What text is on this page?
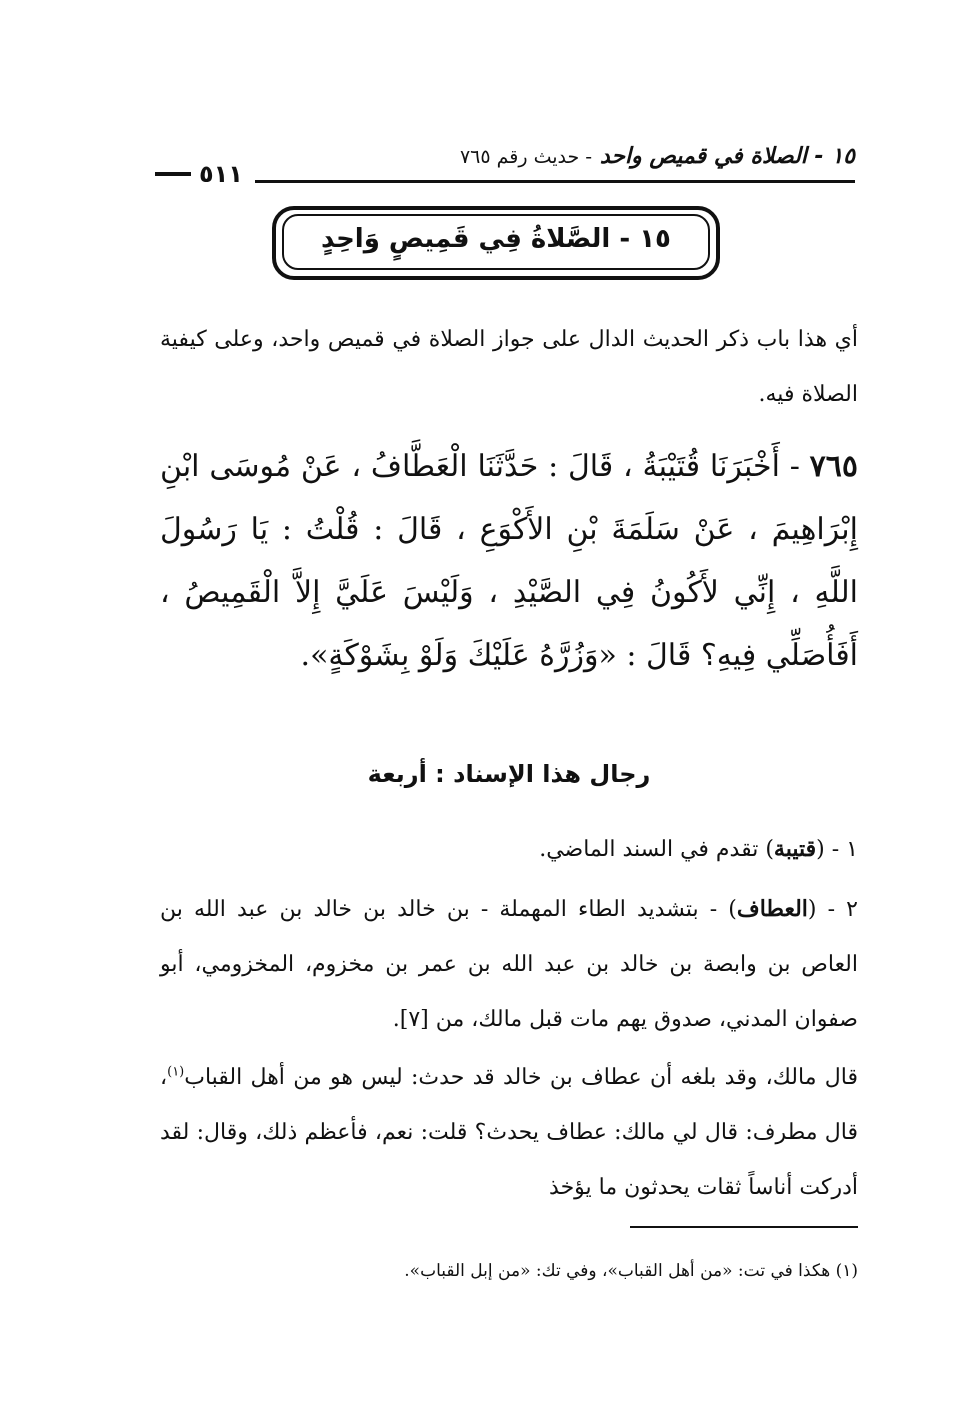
١٥ - الصلاة في قميص واحد - حديث رقم ٧٦٥
٥١١
١٥ - الصَّلاةُ فِي قَمِيصٍ وَاحِدٍ
أي هذا باب ذكر الحديث الدال على جواز الصلاة في قميص واحد، وعلى كيفية الصلاة فيه.
٧٦٥ - أَخْبَرَنَا قُتَيْبَةُ ، قَالَ : حَدَّثَنَا الْعَطَّافُ ، عَنْ مُوسَى ابْنِ إِبْرَاهِيمَ ، عَنْ سَلَمَةَ بْنِ الأَكْوَعِ ، قَالَ : قُلْتُ : يَا رَسُولَ اللَّهِ ، إِنِّي لأَكُونُ فِي الصَّيْدِ ، وَلَيْسَ عَلَيَّ إِلاَّ الْقَمِيصُ ، أَفَأُصَلِّي فِيهِ؟ قَالَ : «وَزُرَّهُ عَلَيْكَ وَلَوْ بِشَوْكَةٍ».
رجال هذا الإسناد : أربعة
١ - (قتيبة) تقدم في السند الماضي.
٢ - (العطاف) - بتشديد الطاء المهملة - بن خالد بن خالد بن عبد الله بن العاص بن وابصة بن خالد بن عبد الله بن عمر بن مخزوم، المخزومي، أبو صفوان المدني، صدوق يهم مات قبل مالك، من [٧].
قال مالك، وقد بلغه أن عطاف بن خالد قد حدث: ليس هو من أهل القباب$^{(١)}$، قال مطرف: قال لي مالك: عطاف يحدث؟ قلت: نعم، فأعظم ذلك، وقال: لقد أدركت أناساً ثقات يحدثون ما يؤخذ
(١) هكذا في تت: «من أهل القباب»، وفي تك: «من إبل القباب».
